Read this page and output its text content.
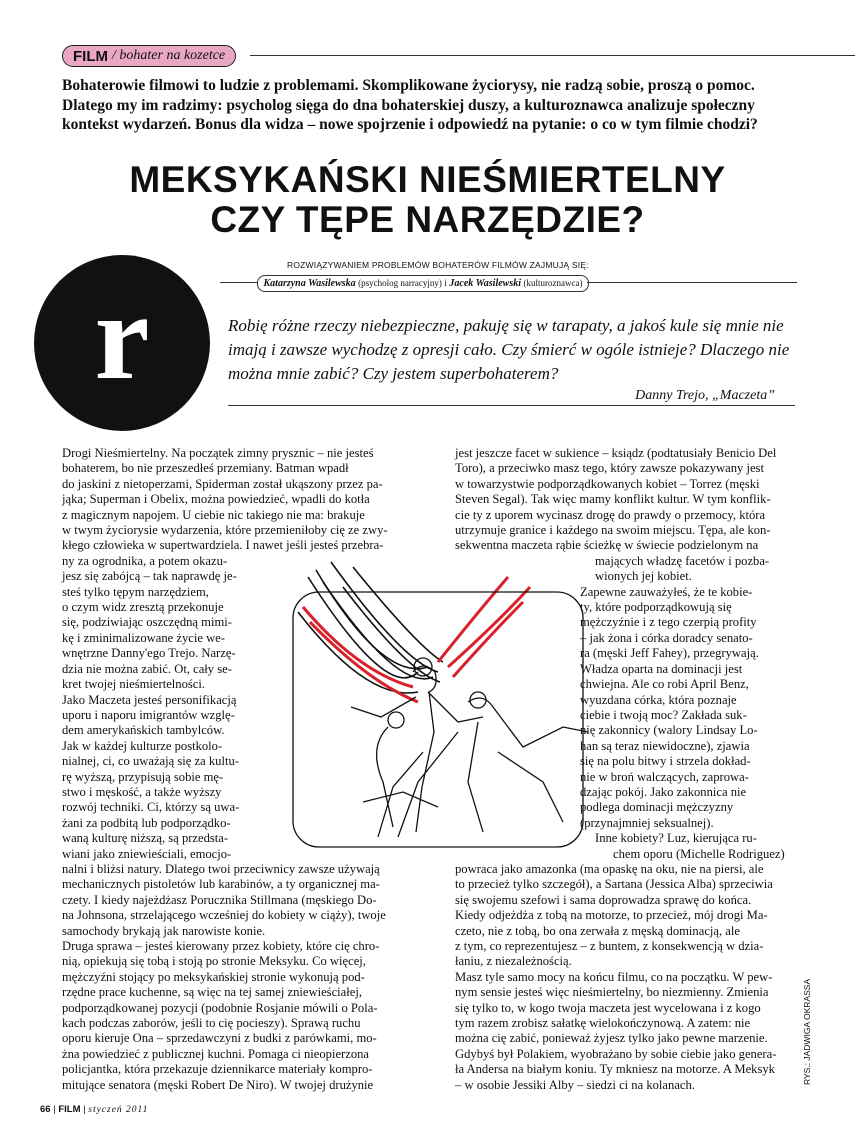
FILM /
bohater na kozetce
Bohaterowie filmowi to ludzie z problemami. Skomplikowane życiorysy, nie radzą sobie, proszą o pomoc. Dlatego my im radzimy: psycholog sięga do dna bohaterskiej duszy, a kulturoznawca analizuje społeczny kontekst wydarzeń. Bonus dla widza – nowe spojrzenie i odpowiedź na pytanie: o co w tym filmie chodzi?
MEKSYKAŃSKI NIEŚMIERTELNY
CZY TĘPE NARZĘDZIE?
ROZWIĄZYWANIEM PROBLEMÓW BOHATERÓW FILMÓW ZAJMUJĄ SIĘ:
Katarzyna Wasilewska (psycholog narracyjny) i Jacek Wasilewski (kulturoznawca)
r	Robię różne rzeczy niebezpieczne, pakuję się w tarapaty, a jakoś kule się mnie nie imają i zawsze wychodzę z opresji cało. Czy śmierć w ogóle istnieje? Dlaczego nie można mnie zabić? Czy jestem superbohaterem?
Danny Trejo, „Maczeta”
Drogi Nieśmiertelny. Na początek zimny prysznic – nie jesteś
bohaterem, bo nie przeszedłeś przemiany. Batman wpadł
do jaskini z nietoperzami, Spiderman został ukąszony przez pa-
jąka; Superman i Obelix, można powiedzieć, wpadli do kotła
z magicznym napojem. U ciebie nic takiego nie ma: brakuje
w twym życiorysie wydarzenia, które przemieniłoby cię ze zwy-
kłego człowieka w supertwardziela. I nawet jeśli jesteś przebra-
ny za ogrodnika, a potem okazu-
jesz się zabójcą – tak naprawdę je-
steś tylko tępym narzędziem,
o czym widz zresztą przekonuje
się, podziwiając oszczędną mimi-
kę i zminimalizowane życie we-
wnętrzne Danny'ego Trejo. Narzę-
dzia nie można zabić. Ot, cały se-
kret twojej nieśmiertelności.
Jako Maczeta jesteś personifikacją
uporu i naporu imigrantów wzglę-
dem amerykańskich tambylców.
Jak w każdej kulturze postkolo-
nialnej, ci, co uważają się za kultu-
rę wyższą, przypisują sobie mę-
stwo i męskość, a także wyższy
rozwój techniki. Ci, którzy są uwa-
żani za podbitą lub podporządko-
waną kulturę niższą, są przedsta-
wiani jako zniewieściali, emocjo-
nalni i bliżsi natury. Dlatego twoi przeciwnicy zawsze używają
mechanicznych pistoletów lub karabinów, a ty organicznej ma-
czety. I kiedy najeżdżasz Porucznika Stillmana (męskiego Do-
na Johnsona, strzelającego wcześniej do kobiety w ciąży), twoje
samochody brykają jak narowiste konie.
Druga sprawa – jesteś kierowany przez kobiety, które cię chro-
nią, opiekują się tobą i stoją po stronie Meksyku. Co więcej,
mężczyźni stojący po meksykańskiej stronie wykonują pod-
rzędne prace kuchenne, są więc na tej samej zniewieściałej,
podporządkowanej pozycji (podobnie Rosjanie mówili o Pola-
kach podczas zaborów, jeśli to cię pocieszy). Sprawą ruchu
oporu kieruje Ona – sprzedawczyni z budki z parówkami, mo-
żna powiedzieć z publicznej kuchni. Pomaga ci nieopierzona
policjantka, która przekazuje dziennikarce materiały kompro-
mitujące senatora (męski Robert De Niro). W twojej drużynie
jest jeszcze facet w sukience – ksiądz (podtatusiały Benicio Del
Toro), a przeciwko masz tego, który zawsze pokazywany jest
w towarzystwie podporządkowanych kobiet – Torrez (męski
Steven Segal). Tak więc mamy konflikt kultur. W tym konflik-
cie ty z uporem wycinasz drogę do prawdy o przemocy, która
utrzymuje granice i każdego na swoim miejscu. Tępa, ale kon-
sekwentna maczeta rąbie ścieżkę w świecie podzielonym na
mających władzę facetów i pozba-
wionych jej kobiet.
Zapewne zauważyłeś, że te kobie-
ty, które podporządkowują się
mężczyźnie i z tego czerpią profity
– jak żona i córka doradcy senato-
ra (męski Jeff Fahey), przegrywają.
Władza oparta na dominacji jest
chwiejna. Ale co robi April Benz,
wyuzdana córka, która poznaje
ciebie i twoją moc? Zakłada suk-
nię zakonnicy (walory Lindsay Lo-
han są teraz niewidoczne), zjawia
się na polu bitwy i strzela dokład-
nie w broń walczących, zaprowa-
dzając pokój. Jako zakonnica nie
podlega dominacji mężczyzny
(przynajmniej seksualnej).
Inne kobiety? Luz, kierująca ru-
chem oporu (Michelle Rodriguez)
powraca jako amazonka (ma opaskę na oku, nie na piersi, ale
to przecież tylko szczegół), a Sartana (Jessica Alba) sprzeciwia
się swojemu szefowi i sama doprowadza sprawę do końca.
Kiedy odjeżdża z tobą na motorze, to przecież, mój drogi Ma-
czeto, nie z tobą, bo ona zerwała z męską dominacją, ale
z tym, co reprezentujesz – z buntem, z konsekwencją w dzia-
łaniu, z niezależnością.
Masz tyle samo mocy na końcu filmu, co na początku. W pew-
nym sensie jesteś więc nieśmiertelny, bo niezmienny. Zmienia
się tylko to, w kogo twoja maczeta jest wycelowana i z kogo
tym razem zrobisz sałatkę wielokończynową. A zatem: nie
można cię zabić, ponieważ żyjesz tylko jako pewne marzenie.
Gdybyś był Polakiem, wyobrażano by sobie ciebie jako genera-
ła Andersa na białym koniu. Ty mkniesz na motorze. A Meksyk
– w osobie Jessiki Alby – siedzi ci na kolanach.	RYS.: JADWIGA OKRASSA
66 | FILM | styczeń 2011
